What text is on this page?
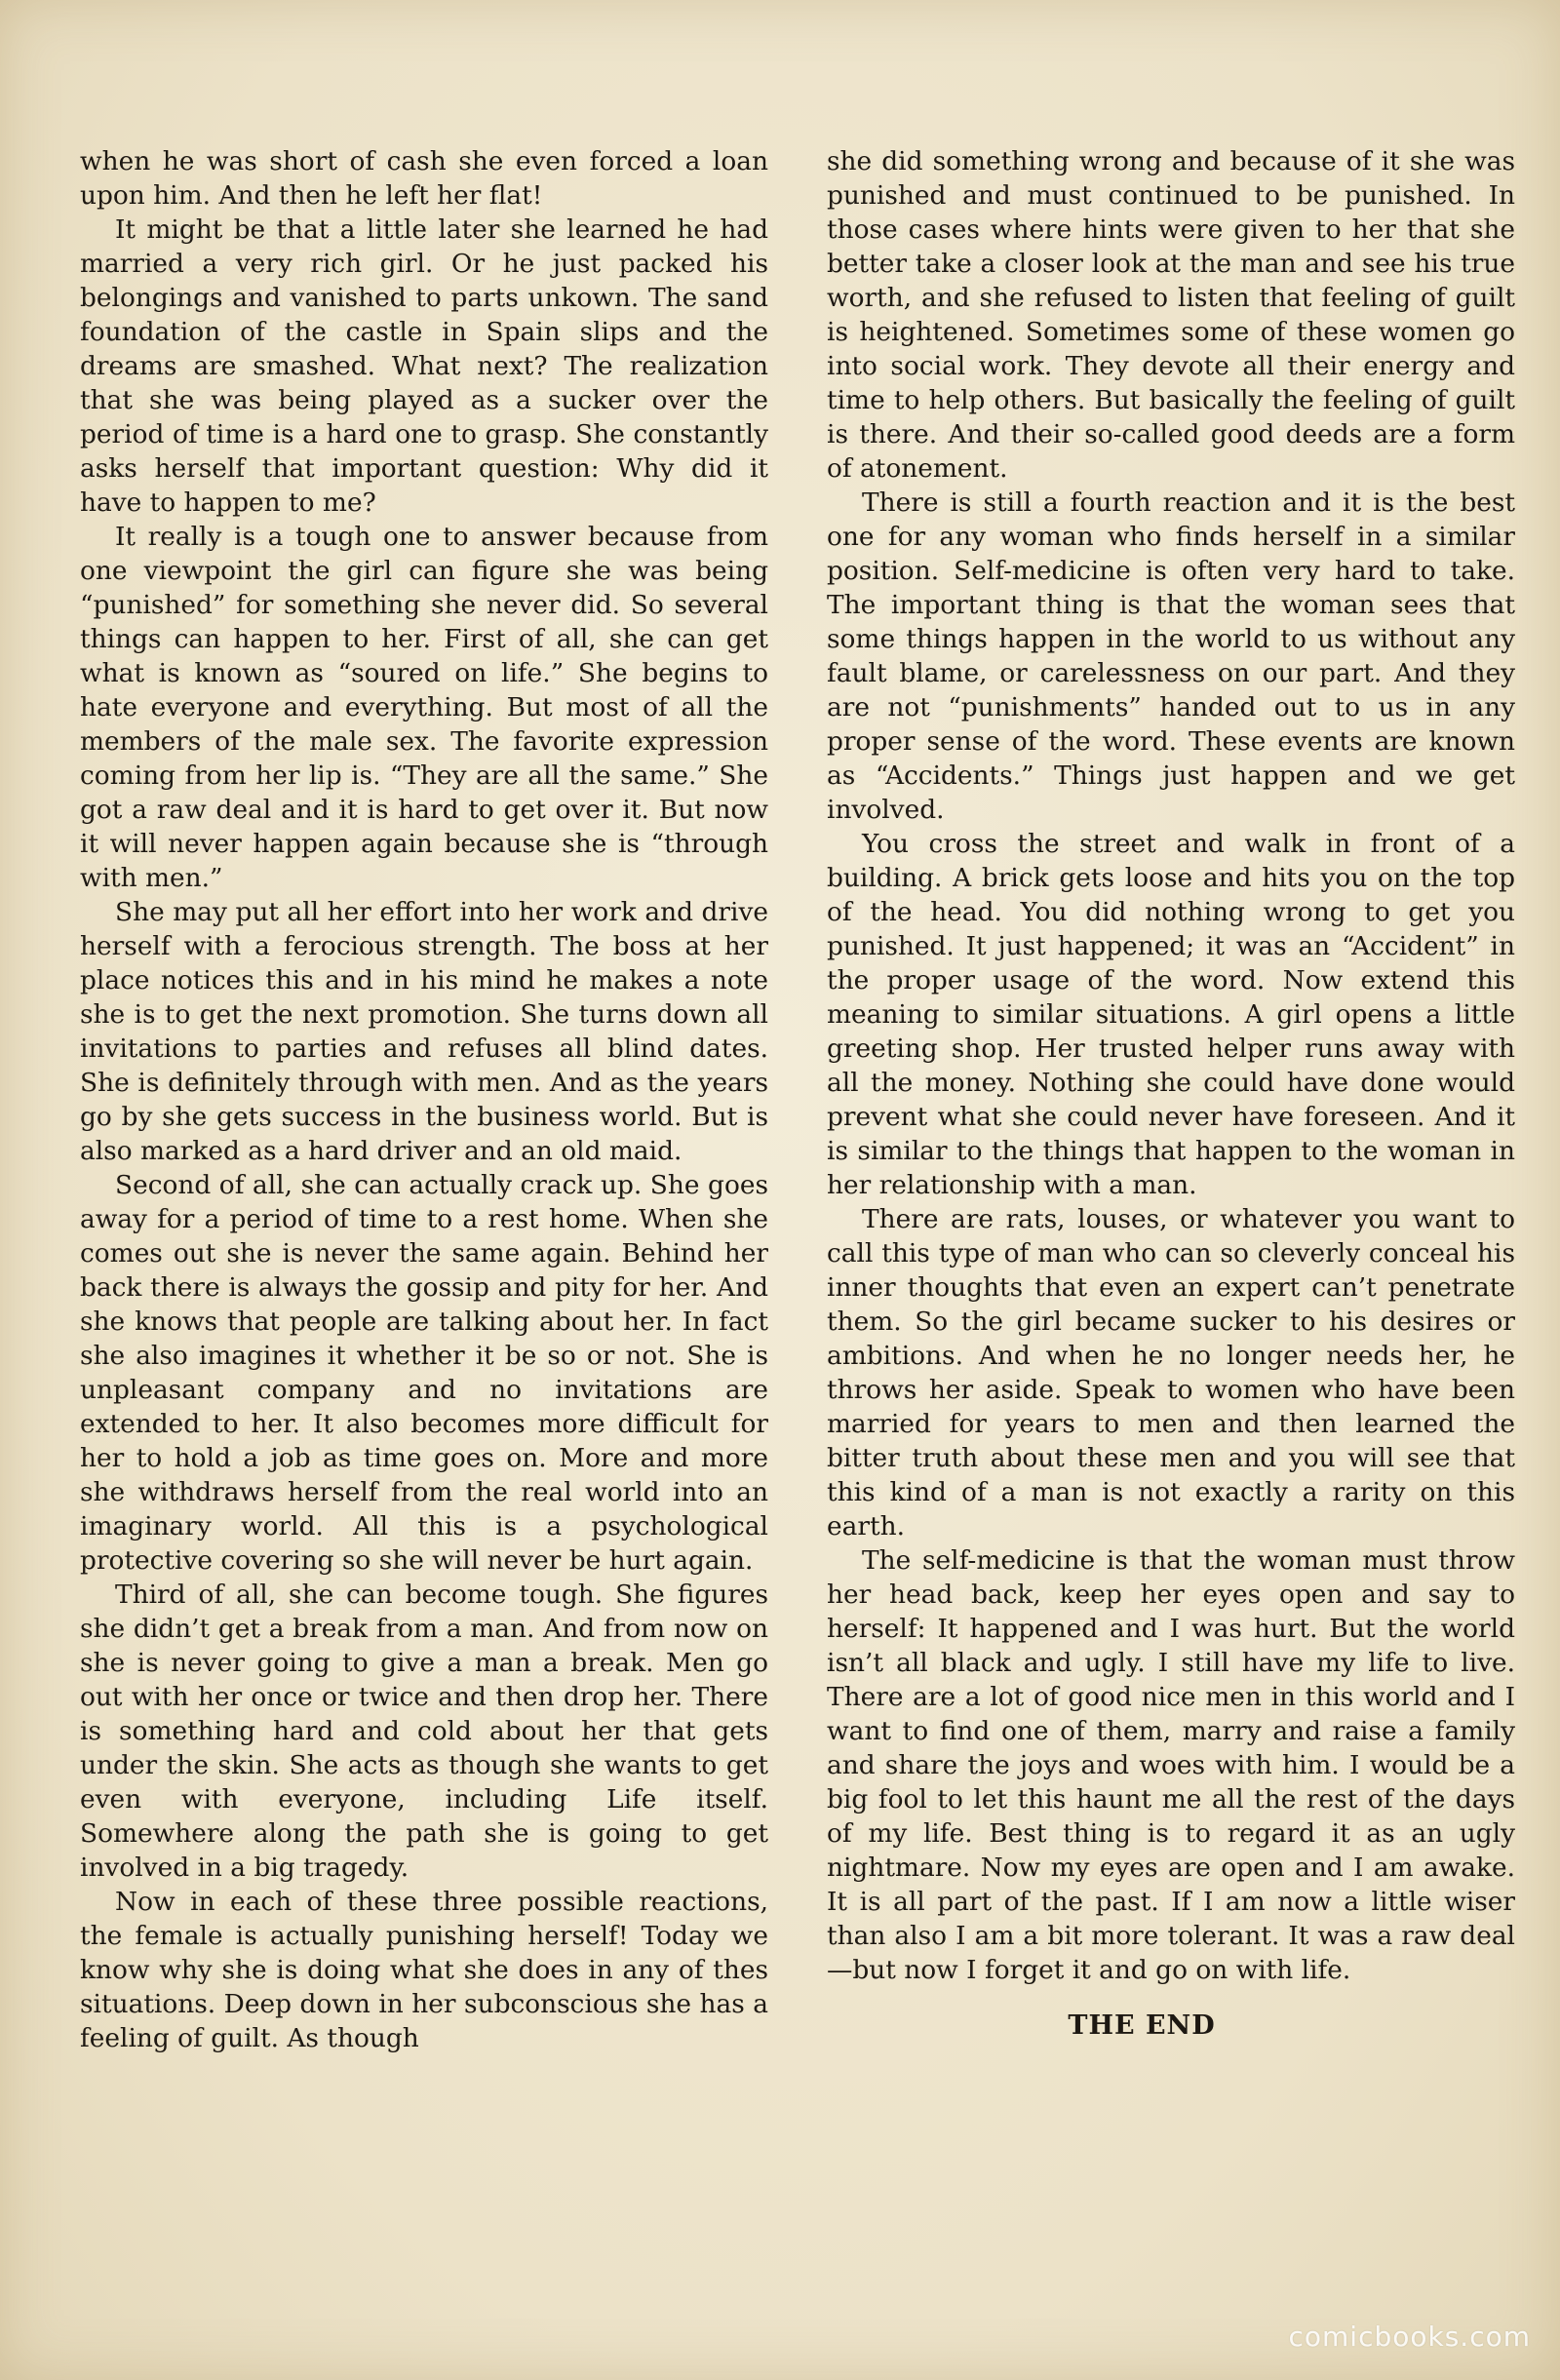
when he was short of cash she even forced a loan upon him. And then he left her flat!

It might be that a little later she learned he had married a very rich girl. Or he just packed his belongings and vanished to parts unkown. The sand foundation of the castle in Spain slips and the dreams are smashed. What next? The realization that she was being played as a sucker over the period of time is a hard one to grasp. She constantly asks herself that important question: Why did it have to happen to me?

It really is a tough one to answer because from one viewpoint the girl can figure she was being “punished” for something she never did. So several things can happen to her. First of all, she can get what is known as “soured on life.” She begins to hate everyone and everything. But most of all the members of the male sex. The favorite expression coming from her lip is. “They are all the same.” She got a raw deal and it is hard to get over it. But now it will never happen again because she is “through with men.”

She may put all her effort into her work and drive herself with a ferocious strength. The boss at her place notices this and in his mind he makes a note she is to get the next promotion. She turns down all invitations to parties and refuses all blind dates. She is definitely through with men. And as the years go by she gets success in the business world. But is also marked as a hard driver and an old maid.

Second of all, she can actually crack up. She goes away for a period of time to a rest home. When she comes out she is never the same again. Behind her back there is always the gossip and pity for her. And she knows that people are talking about her. In fact she also imagines it whether it be so or not. She is unpleasant company and no invitations are extended to her. It also becomes more difficult for her to hold a job as time goes on. More and more she withdraws herself from the real world into an imaginary world. All this is a psychological protective covering so she will never be hurt again.

Third of all, she can become tough. She figures she didn’t get a break from a man. And from now on she is never going to give a man a break. Men go out with her once or twice and then drop her. There is something hard and cold about her that gets under the skin. She acts as though she wants to get even with everyone, including Life itself. Somewhere along the path she is going to get involved in a big tragedy.

Now in each of these three possible reactions, the female is actually punishing herself! Today we know why she is doing what she does in any of thes situations. Deep down in her subconscious she has a feeling of guilt. As though

she did something wrong and because of it she was punished and must continued to be punished. In those cases where hints were given to her that she better take a closer look at the man and see his true worth, and she refused to listen that feeling of guilt is heightened. Sometimes some of these women go into social work. They devote all their energy and time to help others. But basically the feeling of guilt is there. And their so-called good deeds are a form of atonement.

There is still a fourth reaction and it is the best one for any woman who finds herself in a similar position. Self-medicine is often very hard to take. The important thing is that the woman sees that some things happen in the world to us without any fault blame, or carelessness on our part. And they are not “punishments” handed out to us in any proper sense of the word. These events are known as “Accidents.” Things just happen and we get involved.

You cross the street and walk in front of a building. A brick gets loose and hits you on the top of the head. You did nothing wrong to get you punished. It just happened; it was an “Accident” in the proper usage of the word. Now extend this meaning to similar situations. A girl opens a little greeting shop. Her trusted helper runs away with all the money. Nothing she could have done would prevent what she could never have foreseen. And it is similar to the things that happen to the woman in her relationship with a man.

There are rats, louses, or whatever you want to call this type of man who can so cleverly conceal his inner thoughts that even an expert can’t penetrate them. So the girl became sucker to his desires or ambitions. And when he no longer needs her, he throws her aside. Speak to women who have been married for years to men and then learned the bitter truth about these men and you will see that this kind of a man is not exactly a rarity on this earth.

The self-medicine is that the woman must throw her head back, keep her eyes open and say to herself: It happened and I was hurt. But the world isn’t all black and ugly. I still have my life to live. There are a lot of good nice men in this world and I want to find one of them, marry and raise a family and share the joys and woes with him. I would be a big fool to let this haunt me all the rest of the days of my life. Best thing is to regard it as an ugly nightmare. Now my eyes are open and I am awake. It is all part of the past. If I am now a little wiser than also I am a bit more tolerant. It was a raw deal—but now I forget it and go on with life.

THE END
comicbooks.com
